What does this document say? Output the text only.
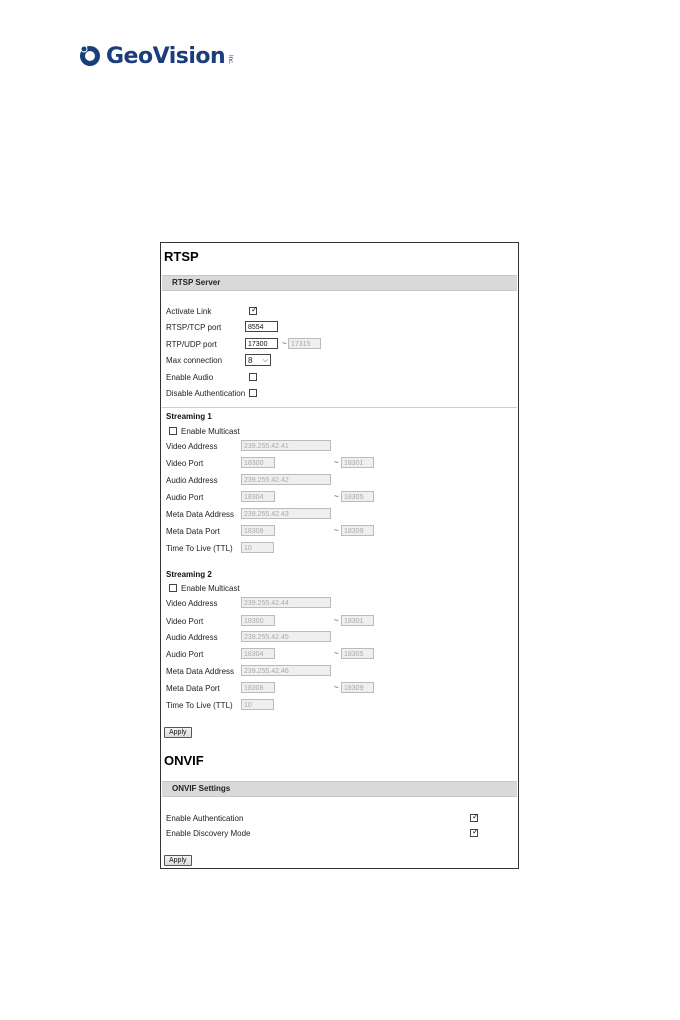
GeoVision Inc.
RTSP
RTSP Server
Activate Link	✓
RTSP/TCP port	8554
RTP/UDP port	17300	~ 17315
Max connection	8 ⌵
Enable Audio
Disable Authentication
Streaming 1
Enable Multicast
Video Address	239.255.42.41
Video Port	18300	~ 18301
Audio Address	239.255.42.42
Audio Port	18304	~ 18305
Meta Data Address	239.255.42.43
Meta Data Port	18308	~ 18309
Time To Live (TTL)	10
Streaming 2
Enable Multicast
Video Address	239.255.42.44
Video Port	18300	~ 18301
Audio Address	239.255.42.45
Audio Port	18304	~ 18305
Meta Data Address	239.255.42.46
Meta Data Port	18308	~ 18309
Time To Live (TTL)	10
Apply
ONVIF
ONVIF Settings
Enable Authentication	✓
Enable Discovery Mode	✓
Apply
